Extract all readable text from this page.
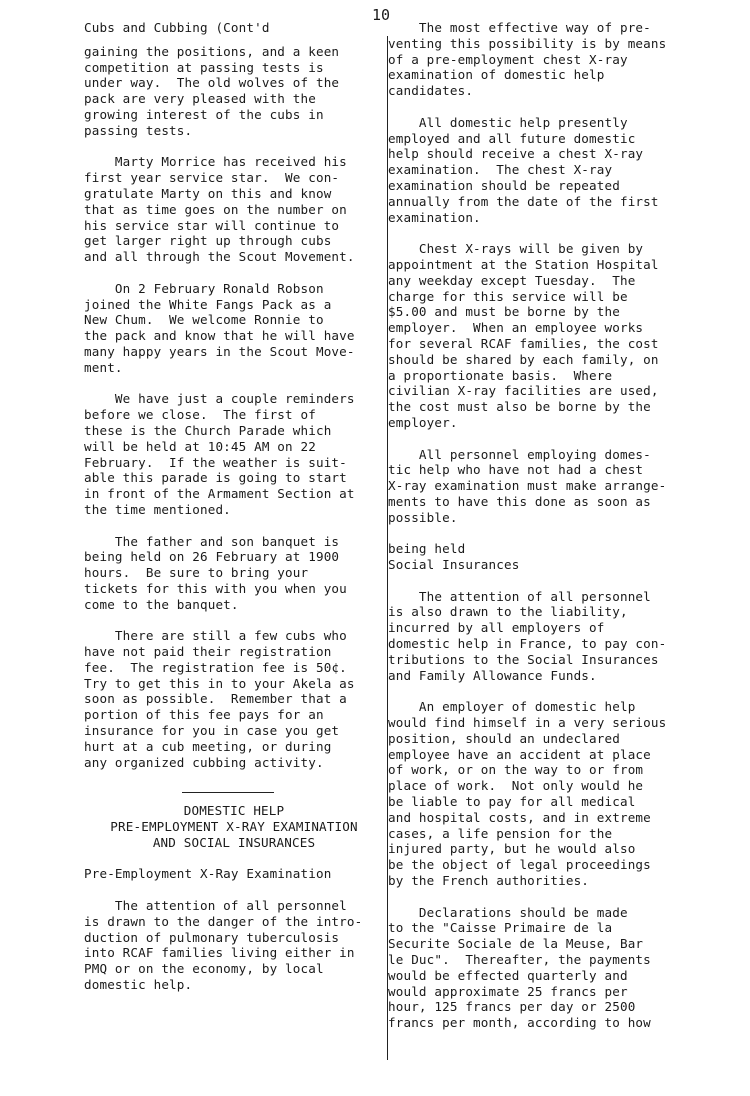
10
Cubs and Cubbing (Cont'd
gaining the positions, and a keen
competition at passing tests is
under way.  The old wolves of the
pack are very pleased with the
growing interest of the cubs in
passing tests.
Marty Morrice has received his
first year service star.  We con-
gratulate Marty on this and know
that as time goes on the number on
his service star will continue to
get larger right up through cubs
and all through the Scout Movement.
On 2 February Ronald Robson
joined the White Fangs Pack as a
New Chum.  We welcome Ronnie to
the pack and know that he will have
many happy years in the Scout Move-
ment.
We have just a couple reminders
before we close.  The first of
these is the Church Parade which
will be held at 10:45 AM on 22
February.  If the weather is suit-
able this parade is going to start
in front of the Armament Section at
the time mentioned.
The father and son banquet is
being held on 26 February at 1900
hours.  Be sure to bring your
tickets for this with you when you
come to the banquet.
There are still a few cubs who
have not paid their registration
fee.  The registration fee is 50¢.
Try to get this in to your Akela as
soon as possible.  Remember that a
portion of this fee pays for an
insurance for you in case you get
hurt at a cub meeting, or during
any organized cubbing activity.
DOMESTIC HELP
PRE-EMPLOYMENT X-RAY EXAMINATION
AND SOCIAL INSURANCES
Pre-Employment X-Ray Examination
The attention of all personnel
is drawn to the danger of the intro-
duction of pulmonary tuberculosis
into RCAF families living either in
PMQ or on the economy, by local
domestic help.
The most effective way of pre-
venting this possibility is by means
of a pre-employment chest X-ray
examination of domestic help
candidates.
All domestic help presently
employed and all future domestic
help should receive a chest X-ray
examination.  The chest X-ray
examination should be repeated
annually from the date of the first
examination.
Chest X-rays will be given by
appointment at the Station Hospital
any weekday except Tuesday.  The
charge for this service will be
$5.00 and must be borne by the
employer.  When an employee works
for several RCAF families, the cost
should be shared by each family, on
a proportionate basis.  Where
civilian X-ray facilities are used,
the cost must also be borne by the
employer.
All personnel employing domes-
tic help who have not had a chest
X-ray examination must make arrange-
ments to have this done as soon as
possible.
being held
Social Insurances
The attention of all personnel
is also drawn to the liability,
incurred by all employers of
domestic help in France, to pay con-
tributions to the Social Insurances
and Family Allowance Funds.
An employer of domestic help
would find himself in a very serious
position, should an undeclared
employee have an accident at place
of work, or on the way to or from
place of work.  Not only would he
be liable to pay for all medical
and hospital costs, and in extreme
cases, a life pension for the
injured party, but he would also
be the object of legal proceedings
by the French authorities.
Declarations should be made
to the "Caisse Primaire de la
Securite Sociale de la Meuse, Bar
le Duc".  Thereafter, the payments
would be effected quarterly and
would approximate 25 francs per
hour, 125 francs per day or 2500
francs per month, according to how
